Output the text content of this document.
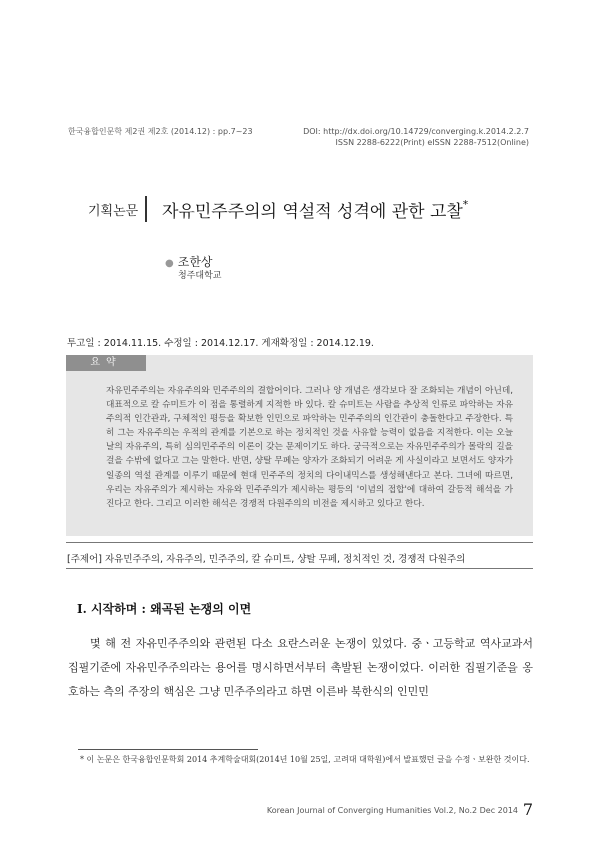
한국융합인문학 제2권 제2호 (2014.12) : pp.7~23	DOI: http://dx.doi.org/10.14729/converging.k.2014.2.2.7
ISSN 2288-6222(Print) eISSN 2288-7512(Online)
기획논문 자유민주주의의 역설적 성격에 관한 고찰*
● 조한상
청주대학교
투고일 : 2014.11.15. 수정일 : 2014.12.17. 게재확정일 : 2014.12.19.
요약
자유민주주의는 자유주의와 민주주의의 결합어이다. 그러나 양 개념은 생각보다 잘 조화되는 개념이 아닌데, 대표적으로 칼 슈미트가 이 점을 통렬하게 지적한 바 있다. 칼 슈미트는 사람을 추상적 인류로 파악하는 자유주의적 인간관과, 구체적인 평등을 확보한 인민으로 파악하는 민주주의의 인간관이 충돌한다고 주장한다. 특히 그는 자유주의는 우적의 관계를 기본으로 하는 정치적인 것을 사유할 능력이 없음을 지적한다. 이는 오늘날의 자유주의, 특히 심의민주주의 이론이 갖는 문제이기도 하다. 궁극적으로는 자유민주주의가 몰락의 길을 걸을 수밖에 없다고 그는 말한다. 반면, 샹탈 무페는 양자가 조화되기 어려운 게 사실이라고 보면서도 양자가 일종의 역설 관계를 이루기 때문에 현대 민주주의 정치의 다이내믹스를 생성해낸다고 본다. 그녀에 따르면, 우리는 자유주의가 제시하는 자유와 민주주의가 제시하는 평등의 '이념의 접합'에 대하여 갈등적 해석을 가진다고 한다. 그리고 이러한 해석은 경쟁적 다원주의의 비전을 제시하고 있다고 한다.
[주제어] 자유민주주의, 자유주의, 민주주의, 칼 슈미트, 샹탈 무페, 정치적인 것, 경쟁적 다원주의
Ⅰ. 시작하며 : 왜곡된 논쟁의 이면
몇 해 전 자유민주주의와 관련된 다소 요란스러운 논쟁이 있었다. 중ㆍ고등학교 역사교과서 집필기준에 자유민주주의라는 용어를 명시하면서부터 촉발된 논쟁이었다. 이러한 집필기준을 옹호하는 측의 주장의 핵심은 그냥 민주주의라고 하면 이른바 북한식의 인민민
* 이 논문은 한국융합인문학회 2014 추계학술대회(2014년 10월 25일, 고려대 대학원)에서 발표했던 글을 수정ㆍ보완한 것이다.
Korean Journal of Converging Humanities Vol.2, No.2 Dec 2014 7
